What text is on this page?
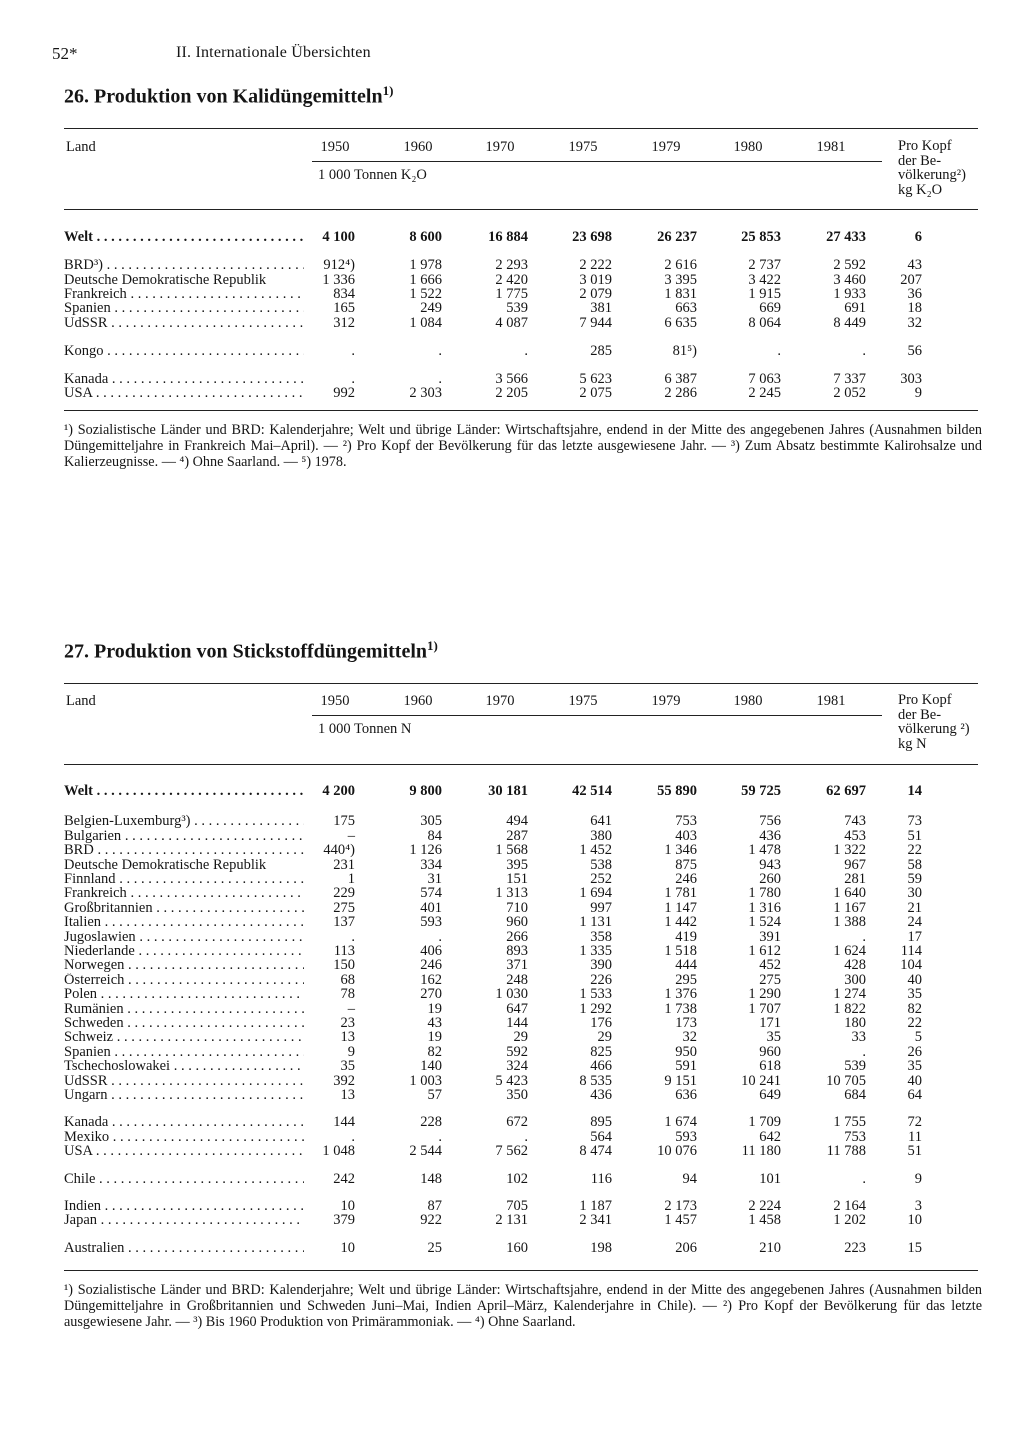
52*	II. Internationale Übersichten
26. Produktion von Kalidüngemitteln$^{1)}$
Land	1950	1960	1970	1975	1979	1980	1981
1 000 Tonnen K₂O
Pro Kopf
der Be-
völkerung²)
kg K₂O
Welt . . .	4 100	8 600	16 884	23 698	26 237	25 853	27 433	6
BRD³) . . .	912⁴)	1 978	2 293	2 222	2 616	2 737	2 592	43
Deutsche Demokratische Republik	1 336	1 666	2 420	3 019	3 395	3 422	3 460	207
Frankreich . . .	834	1 522	1 775	2 079	1 831	1 915	1 933	36
Spanien . . .	165	249	539	381	663	669	691	18
UdSSR . . .	312	1 084	4 087	7 944	6 635	8 064	8 449	32
Kongo . . .	.	.	.	285	81⁵)	.	.	56
Kanada . . .	.	.	3 566	5 623	6 387	7 063	7 337	303
USA . . .	992	2 303	2 205	2 075	2 286	2 245	2 052	9
¹) Sozialistische Länder und BRD: Kalenderjahre; Welt und übrige Länder: Wirtschaftsjahre, endend in der Mitte des angegebenen Jahres (Ausnahmen bilden Düngemitteljahre in Frankreich Mai–April). — ²) Pro Kopf der Bevölkerung für das letzte ausgewiesene Jahr. — ³) Zum Absatz bestimmte Kalirohsalze und Kalierzeugnisse. — ⁴) Ohne Saarland. — ⁵) 1978.
27. Produktion von Stickstoffdüngemitteln$^{1)}$
Land	1950	1960	1970	1975	1979	1980	1981
1 000 Tonnen N
Pro Kopf
der Be-
völkerung ²)
kg N
Welt . . .	4 200	9 800	30 181	42 514	55 890	59 725	62 697	14
Belgien-Luxemburg³) . . .	175	305	494	641	753	756	743	73
Bulgarien . . .	–	84	287	380	403	436	453	51
BRD . . .	440⁴)	1 126	1 568	1 452	1 346	1 478	1 322	22
Deutsche Demokratische Republik	231	334	395	538	875	943	967	58
Finnland . . .	1	31	151	252	246	260	281	59
Frankreich . . .	229	574	1 313	1 694	1 781	1 780	1 640	30
Großbritannien . . .	275	401	710	997	1 147	1 316	1 167	21
Italien . . .	137	593	960	1 131	1 442	1 524	1 388	24
Jugoslawien . . .	.	.	266	358	419	391	.	17
Niederlande . . .	113	406	893	1 335	1 518	1 612	1 624	114
Norwegen . . .	150	246	371	390	444	452	428	104
Österreich . . .	68	162	248	226	295	275	300	40
Polen . . .	78	270	1 030	1 533	1 376	1 290	1 274	35
Rumänien . . .	–	19	647	1 292	1 738	1 707	1 822	82
Schweden . . .	23	43	144	176	173	171	180	22
Schweiz . . .	13	19	29	29	32	35	33	5
Spanien . . .	9	82	592	825	950	960	.	26
Tschechoslowakei . . .	35	140	324	466	591	618	539	35
UdSSR . . .	392	1 003	5 423	8 535	9 151	10 241	10 705	40
Ungarn . . .	13	57	350	436	636	649	684	64
Kanada . . .	144	228	672	895	1 674	1 709	1 755	72
Mexiko . . .	.	.	.	564	593	642	753	11
USA . . .	1 048	2 544	7 562	8 474	10 076	11 180	11 788	51
Chile . . .	242	148	102	116	94	101	.	9
Indien . . .	10	87	705	1 187	2 173	2 224	2 164	3
Japan . . .	379	922	2 131	2 341	1 457	1 458	1 202	10
Australien . . .	10	25	160	198	206	210	223	15
¹) Sozialistische Länder und BRD: Kalenderjahre; Welt und übrige Länder: Wirtschaftsjahre, endend in der Mitte des angegebenen Jahres (Ausnahmen bilden Düngemitteljahre in Großbritannien und Schweden Juni–Mai, Indien April–März, Kalenderjahre in Chile). — ²) Pro Kopf der Bevölkerung für das letzte ausgewiesene Jahr. — ³) Bis 1960 Produktion von Primärammoniak. — ⁴) Ohne Saarland.
